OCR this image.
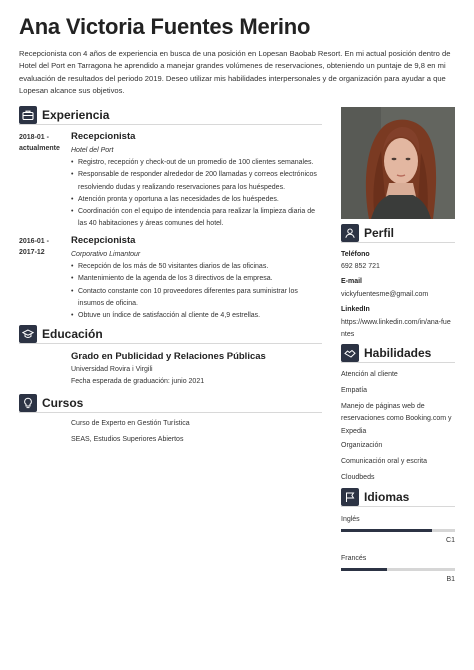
Ana Victoria Fuentes Merino
Recepcionista con 4 años de experiencia en busca de una posición en Lopesan Baobab Resort. En mi actual posición dentro de Hotel del Port en Tarragona he aprendido a manejar grandes volúmenes de reservaciones, obteniendo un puntaje de 9,8 en mi evaluación de resultados del periodo 2019. Deseo utilizar mis habilidades interpersonales y de organización para ayudar a que Lopesan alcance sus objetivos.
Experiencia
2018-01 -
actualmente
Recepcionista
Hotel del Port
• Registro, recepción y check-out de un promedio de 100 clientes semanales.
• Responsable de responder alrededor de 200 llamadas y correos electrónicos resolviendo dudas y realizando reservaciones para los huéspedes.
• Atención pronta y oportuna a las necesidades de los huéspedes.
• Coordinación con el equipo de intendencia para realizar la limpieza diaria de las 40 habitaciones y áreas comunes del hotel.
2016-01 -
2017-12
Recepcionista
Corporativo Limantour
• Recepción de los más de 50 visitantes diarios de las oficinas.
• Mantenimiento de la agenda de los 3 directivos de la empresa.
• Contacto constante con 10 proveedores diferentes para suministrar los insumos de oficina.
• Obtuve un índice de satisfacción al cliente de 4,9 estrellas.
Educación
Grado en Publicidad y Relaciones Públicas
Universidad Rovira i Virgili
Fecha esperada de graduación: junio 2021
Cursos
Curso de Experto en Gestión Turística
SEAS, Estudios Superiores Abiertos
Perfil
Teléfono
692 852 721
E-mail
vickyfuentesme@gmail.com
LinkedIn
https://www.linkedin.com/in/ana-fuentes
Habilidades
Atención al cliente
Empatía
Manejo de páginas web de reservaciones como Booking.com y Expedia
Organización
Comunicación oral y escrita
Cloudbeds
Idiomas
Inglés
C1
Francés
B1
